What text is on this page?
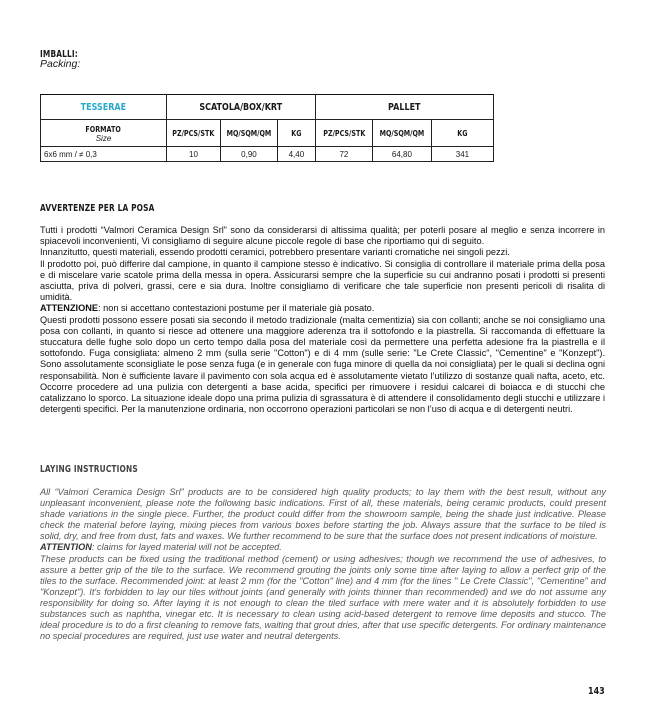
IMBALLI:
Packing:
TESSERAE	SCATOLA/BOX/KRT			PALLET		
FORMATO
Size	PZ/PCS/STK	MQ/SQM/QM	KG	PZ/PCS/STK	MQ/SQM/QM	KG
6x6 mm / ≠ 0,3	10	0,90	4,40	72	64,80	341
AVVERTENZE PER LA POSA

Tutti i prodotti “Valmori Ceramica Design Srl” sono da considerarsi di altissima qualità; per poterli posare al meglio e senza incorrere in spiacevoli inconvenienti, Vi consigliamo di seguire alcune piccole regole di base che riportiamo qui di seguito.

Innanzitutto, questi materiali, essendo prodotti ceramici, potrebbero presentare varianti cromatiche nei singoli pezzi.

Il prodotto poi, può differire dal campione, in quanto il campione stesso è indicativo. Si consiglia di controllare il materiale prima della posa e di miscelare varie scatole prima della messa in opera. Assicurarsi sempre che la superficie su cui andranno posati i prodotti si presenti asciutta, priva di polveri, grassi, cere e sia dura. Inoltre consigliamo di verificare che tale superficie non presenti pericoli di risalita di umidità.

ATTENZIONE: non si accettano contestazioni postume per il materiale già posato.

Questi prodotti possono essere posati sia secondo il metodo tradizionale (malta cementizia) sia con collanti; anche se noi consigliamo una posa con collanti, in quanto si riesce ad ottenere una maggiore aderenza tra il sottofondo e la piastrella. Si raccomanda di effettuare la stuccatura delle fughe solo dopo un certo tempo dalla posa del materiale così da permettere una perfetta adesione fra la piastrella e il sottofondo. Fuga consigliata: almeno 2 mm (sulla serie "Cotton") e di 4 mm (sulle serie: "Le Crete Classic", "Cementine" e "Konzept"). Sono assolutamente sconsigliate le pose senza fuga (e in generale con fuga minore di quella da noi consigliata) per le quali si declina ogni responsabilità. Non è sufficiente lavare il pavimento con sola acqua ed è assolutamente vietato l’utilizzo di sostanze quali nafta, aceto, etc. Occorre procedere ad una pulizia con detergenti a base acida, specifici per rimuovere i residui calcarei di boiacca e di stucchi che catalizzano lo sporco. La situazione ideale dopo una prima pulizia di sgrassatura è di attendere il consolidamento degli stucchi e utilizzare i detergenti specifici. Per la manutenzione ordinaria, non occorrono operazioni particolari se non l’uso di acqua e di detergenti neutri.

LAYING INSTRUCTIONS

All “Valmori Ceramica Design Srl” products are to be considered high quality products; to lay them with the best result, without any unpleasant inconvenient, please note the following basic indications. First of all, these materials, being ceramic products, could present shade variations in the single piece. Further, the product could differ from the showroom sample, being the shade just indicative. Please check the material before laying, mixing pieces from various boxes before starting the job. Always assure that the surface to be tiled is solid, dry, and free from dust, fats and waxes. We further recommend to be sure that the surface does not present indications of moisture.

ATTENTION: claims for layed material will not be accepted.

These products can be fixed using the traditional method (cement) or using adhesives; though we recommend the use of adhesives, to assure a better grip of the tile to the surface. We recommend grouting the joints only some time after laying to allow a perfect grip of the tiles to the surface. Recommended joint: at least 2 mm (for the "Cotton" line) and 4 mm (for the lines " Le Crete Classic", "Cementine" and "Konzept"). It's forbidden to lay our tiles without joints (and generally with joints thinner than recommended) and we do not assume any responsibility for doing so. After laying it is not enough to clean the tiled surface with mere water and it is absolutely forbidden to use substances such as naphtha, vinegar etc. It is necessary to clean using acid-based detergent to remove lime deposits and stucco. The ideal procedure is to do a first cleaning to remove fats, waiting that grout dries, after that use specific detergents. For ordinary maintenance no special procedures are required, just use water and neutral detergents.

143
